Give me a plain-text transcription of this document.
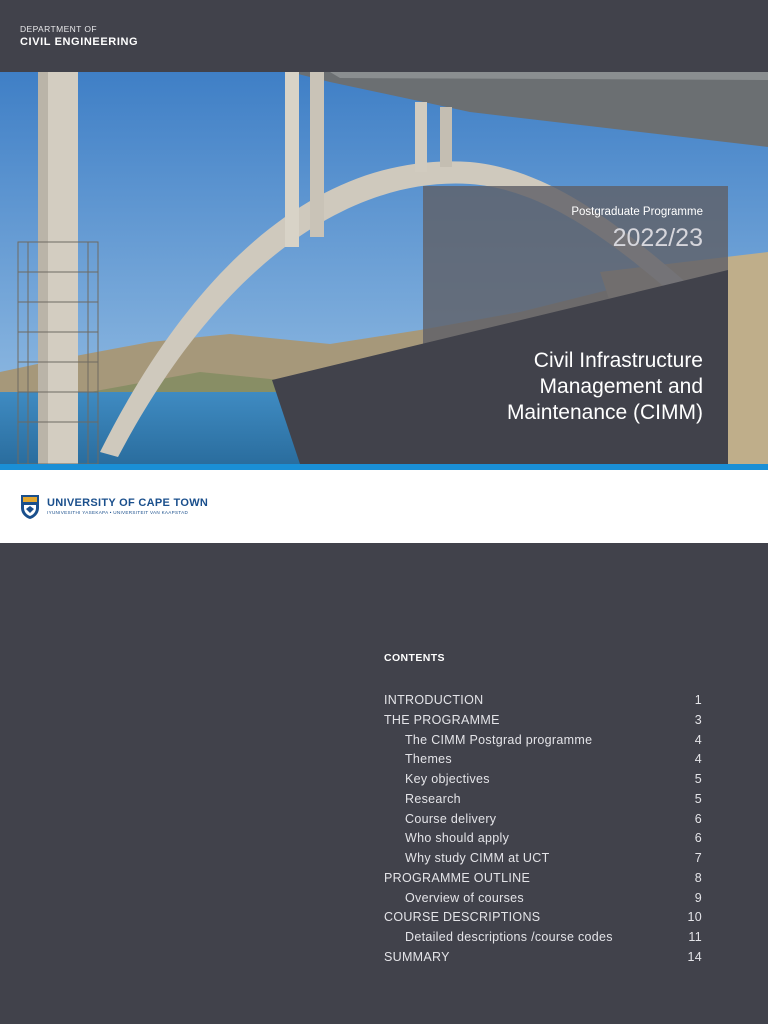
DEPARTMENT OF
CIVIL ENGINEERING
Postgraduate Programme
2022/23
Civil Infrastructure
Management and
Maintenance (CIMM)
UNIVERSITY OF CAPE TOWN
IYUNIVESITHI YASEKAPA • UNIVERSITEIT VAN KAAPSTAD
CONTENTS
INTRODUCTION	1
THE PROGRAMME	3
The CIMM Postgrad programme	4
Themes	4
Key objectives	5
Research	5
Course delivery	6
Who should apply	6
Why study CIMM at UCT	7
PROGRAMME OUTLINE	8
Overview of courses	9
COURSE DESCRIPTIONS	10
Detailed descriptions /course codes	11
SUMMARY	14
